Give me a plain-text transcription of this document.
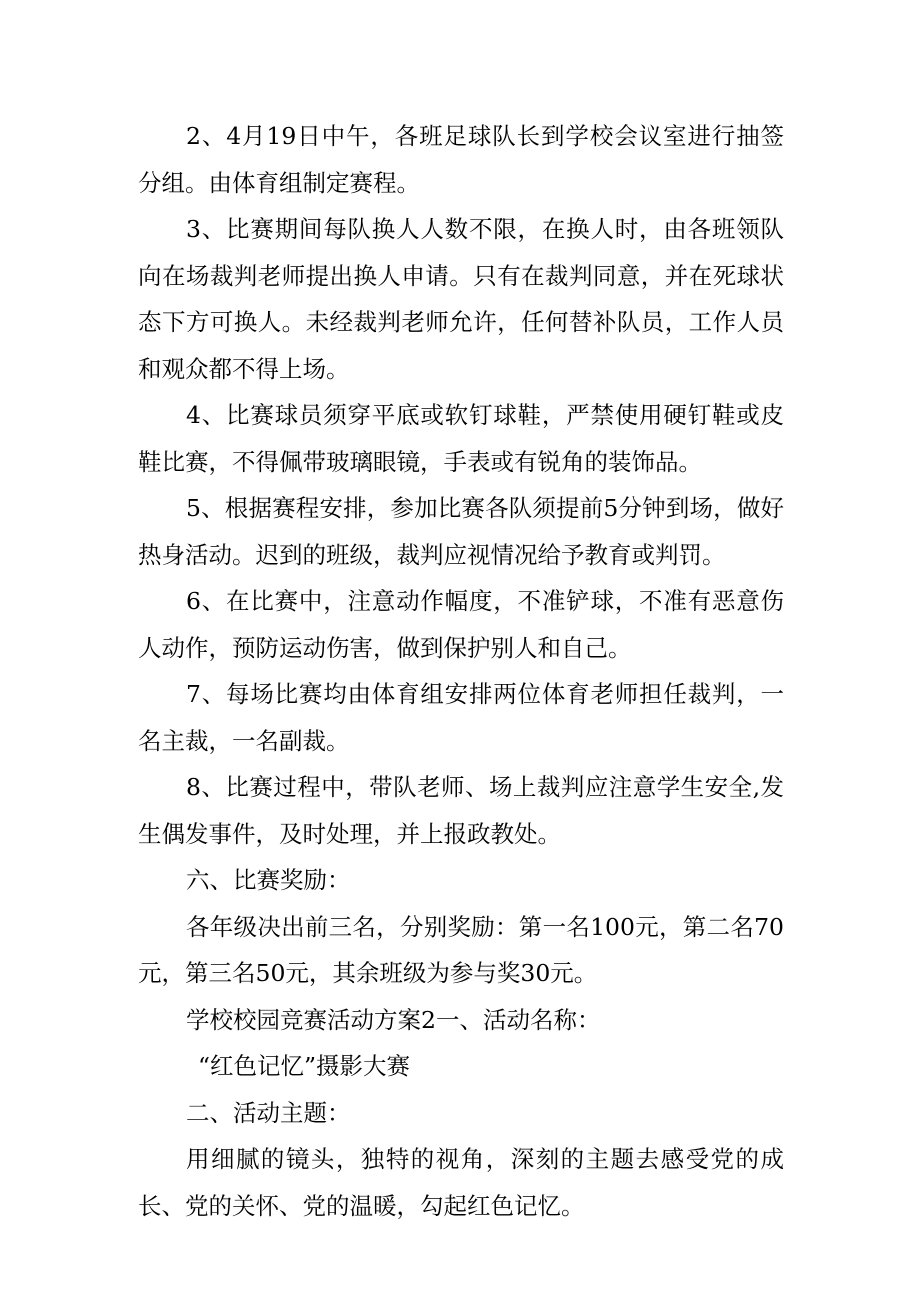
2、4月19日中午，各班足球队长到学校会议室进行抽签分组。由体育组制定赛程。

3、比赛期间每队换人人数不限，在换人时，由各班领队向在场裁判老师提出换人申请。只有在裁判同意，并在死球状态下方可换人。未经裁判老师允许，任何替补队员，工作人员和观众都不得上场。

4、比赛球员须穿平底或软钉球鞋，严禁使用硬钉鞋或皮鞋比赛，不得佩带玻璃眼镜，手表或有锐角的装饰品。

5、根据赛程安排，参加比赛各队须提前5分钟到场，做好热身活动。迟到的班级，裁判应视情况给予教育或判罚。

6、在比赛中，注意动作幅度，不准铲球，不准有恶意伤人动作，预防运动伤害，做到保护别人和自己。

7、每场比赛均由体育组安排两位体育老师担任裁判，一名主裁，一名副裁。

8、比赛过程中，带队老师、场上裁判应注意学生安全,发生偶发事件，及时处理，并上报政教处。

六、比赛奖励：

各年级决出前三名，分别奖励：第一名100元，第二名70元，第三名50元，其余班级为参与奖30元。

学校校园竞赛活动方案2一、活动名称：

“红色记忆”摄影大赛

二、活动主题：

用细腻的镜头，独特的视角，深刻的主题去感受党的成长、党的关怀、党的温暖，勾起红色记忆。
